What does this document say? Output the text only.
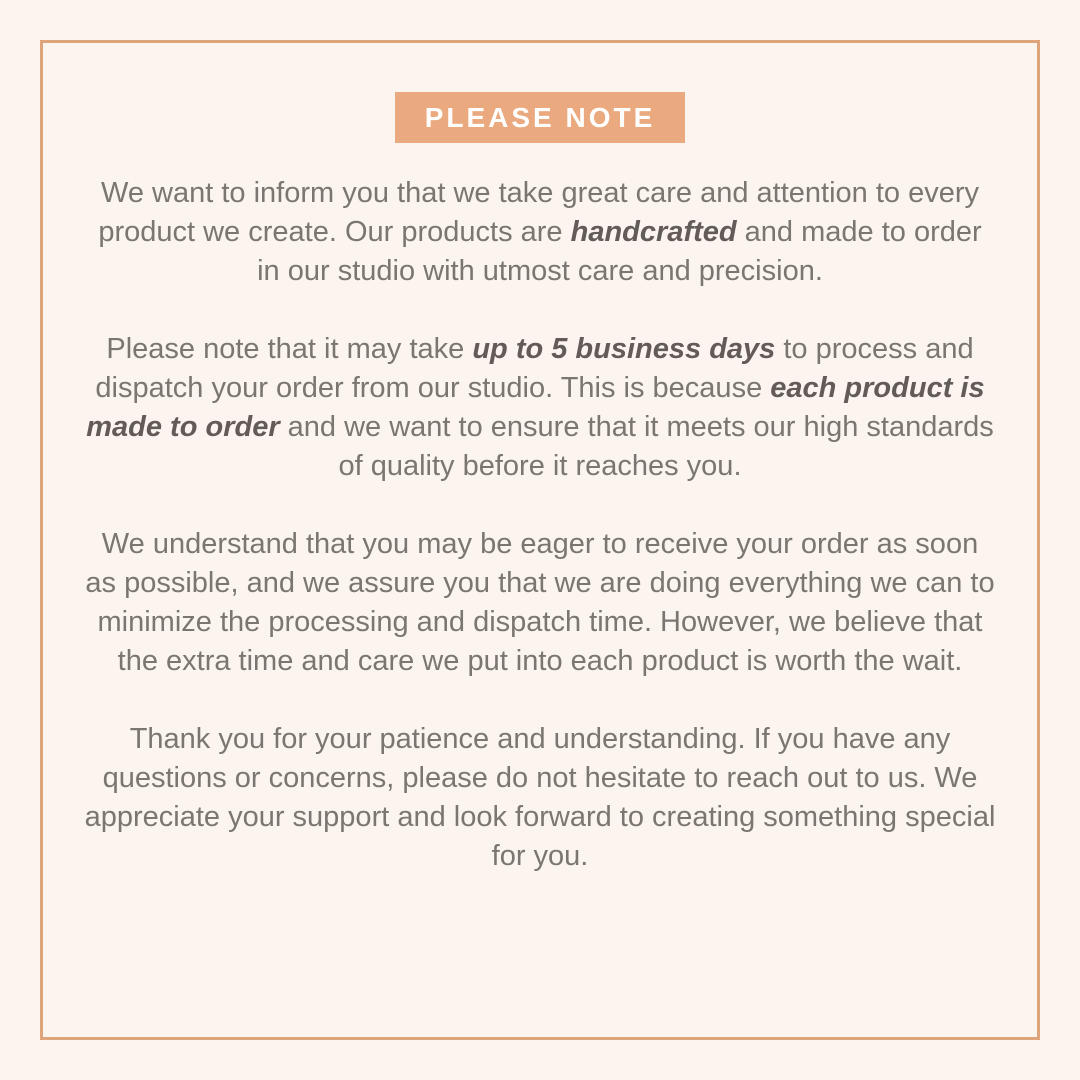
PLEASE NOTE

We want to inform you that we take great care and attention to every product we create. Our products are handcrafted and made to order in our studio with utmost care and precision.

Please note that it may take up to 5 business days to process and dispatch your order from our studio. This is because each product is made to order and we want to ensure that it meets our high standards of quality before it reaches you.

We understand that you may be eager to receive your order as soon as possible, and we assure you that we are doing everything we can to minimize the processing and dispatch time. However, we believe that the extra time and care we put into each product is worth the wait.

Thank you for your patience and understanding. If you have any questions or concerns, please do not hesitate to reach out to us. We appreciate your support and look forward to creating something special for you.
